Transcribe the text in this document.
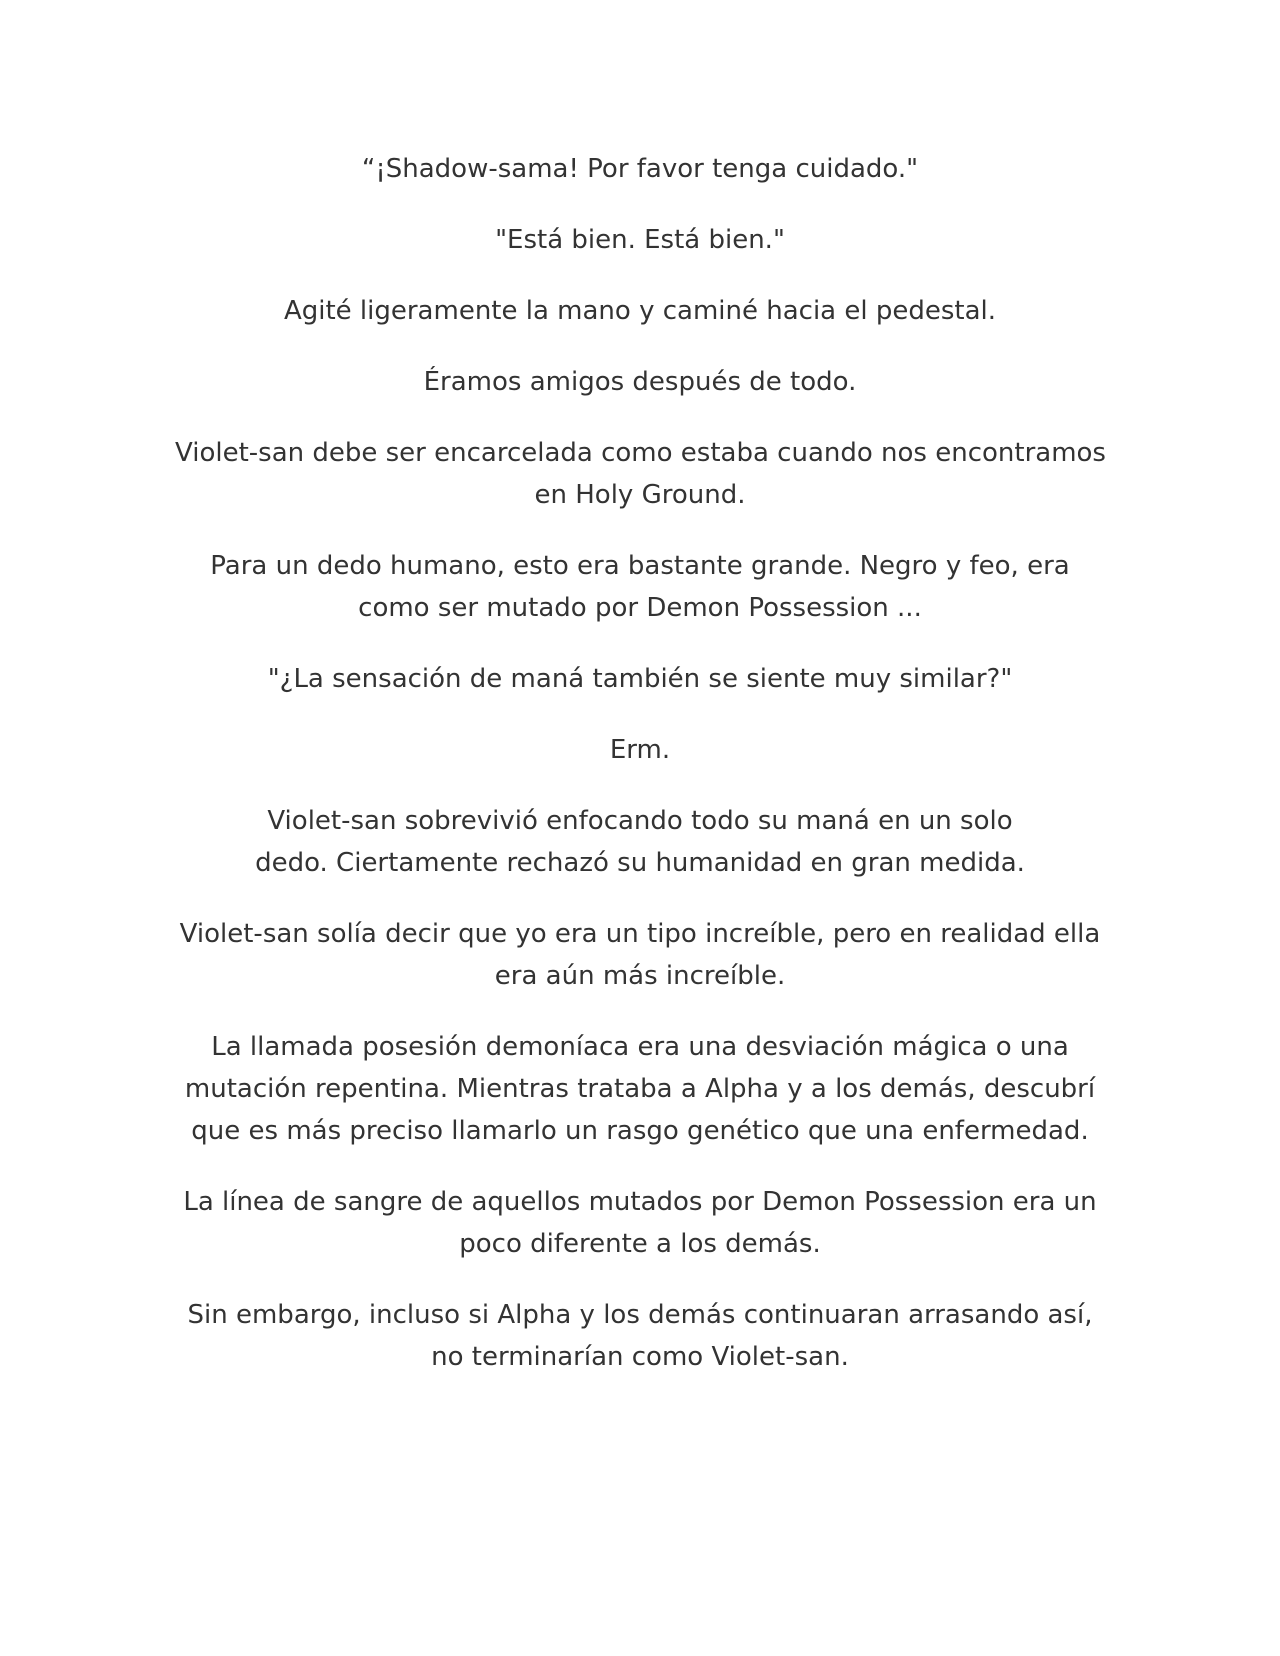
“¡Shadow-sama! Por favor tenga cuidado."

"Está bien. Está bien."

Agité ligeramente la mano y caminé hacia el pedestal.

Éramos amigos después de todo.

Violet-san debe ser encarcelada como estaba cuando nos encontramos
en Holy Ground.

Para un dedo humano, esto era bastante grande. Negro y feo, era
como ser mutado por Demon Possession ...

"¿La sensación de maná también se siente muy similar?"

Erm.

Violet-san sobrevivió enfocando todo su maná en un solo
dedo. Ciertamente rechazó su humanidad en gran medida.

Violet-san solía decir que yo era un tipo increíble, pero en realidad ella
era aún más increíble.

La llamada posesión demoníaca era una desviación mágica o una
mutación repentina. Mientras trataba a Alpha y a los demás, descubrí
que es más preciso llamarlo un rasgo genético que una enfermedad.

La línea de sangre de aquellos mutados por Demon Possession era un
poco diferente a los demás.

Sin embargo, incluso si Alpha y los demás continuaran arrasando así,
no terminarían como Violet-san.
